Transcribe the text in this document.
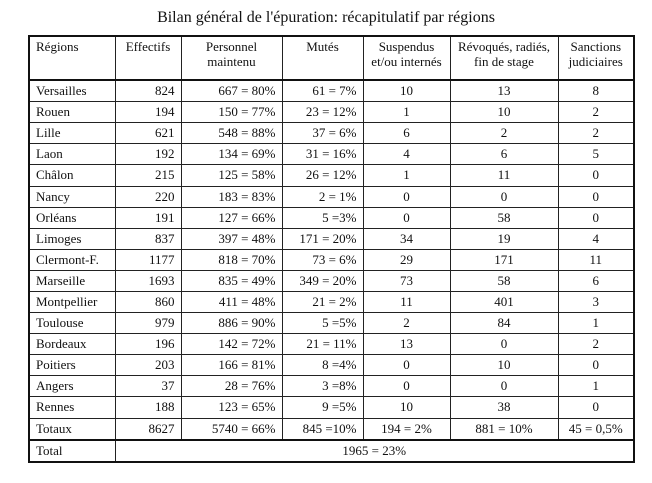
Bilan général de l'épuration: récapitulatif par régions
Régions	Effectifs	Personnel maintenu	Mutés	Suspendus et/ou internés	Révoqués, radiés, fin de stage	Sanctions judiciaires
Versailles	824	667 = 80%	61 = 7%	10	13	8
Rouen	194	150 = 77%	23 = 12%	1	10	2
Lille	621	548 = 88%	37 = 6%	6	2	2
Laon	192	134 = 69%	31 = 16%	4	6	5
Châlon	215	125 = 58%	26 = 12%	1	11	0
Nancy	220	183 = 83%	2 = 1%	0	0	0
Orléans	191	127 = 66%	5 =3%	0	58	0
Limoges	837	397 = 48%	171 = 20%	34	19	4
Clermont-F.	1177	818 = 70%	73 = 6%	29	171	11
Marseille	1693	835 = 49%	349 = 20%	73	58	6
Montpellier	860	411 = 48%	21 = 2%	11	401	3
Toulouse	979	886 = 90%	5 =5%	2	84	1
Bordeaux	196	142 = 72%	21 = 11%	13	0	2
Poitiers	203	166 = 81%	8 =4%	0	10	0
Angers	37	28 = 76%	3 =8%	0	0	1
Rennes	188	123 = 65%	9 =5%	10	38	0
Totaux	8627	5740 = 66%	845 =10%	194 = 2%	881 = 10%	45 = 0,5%
Total	1965 = 23%					
